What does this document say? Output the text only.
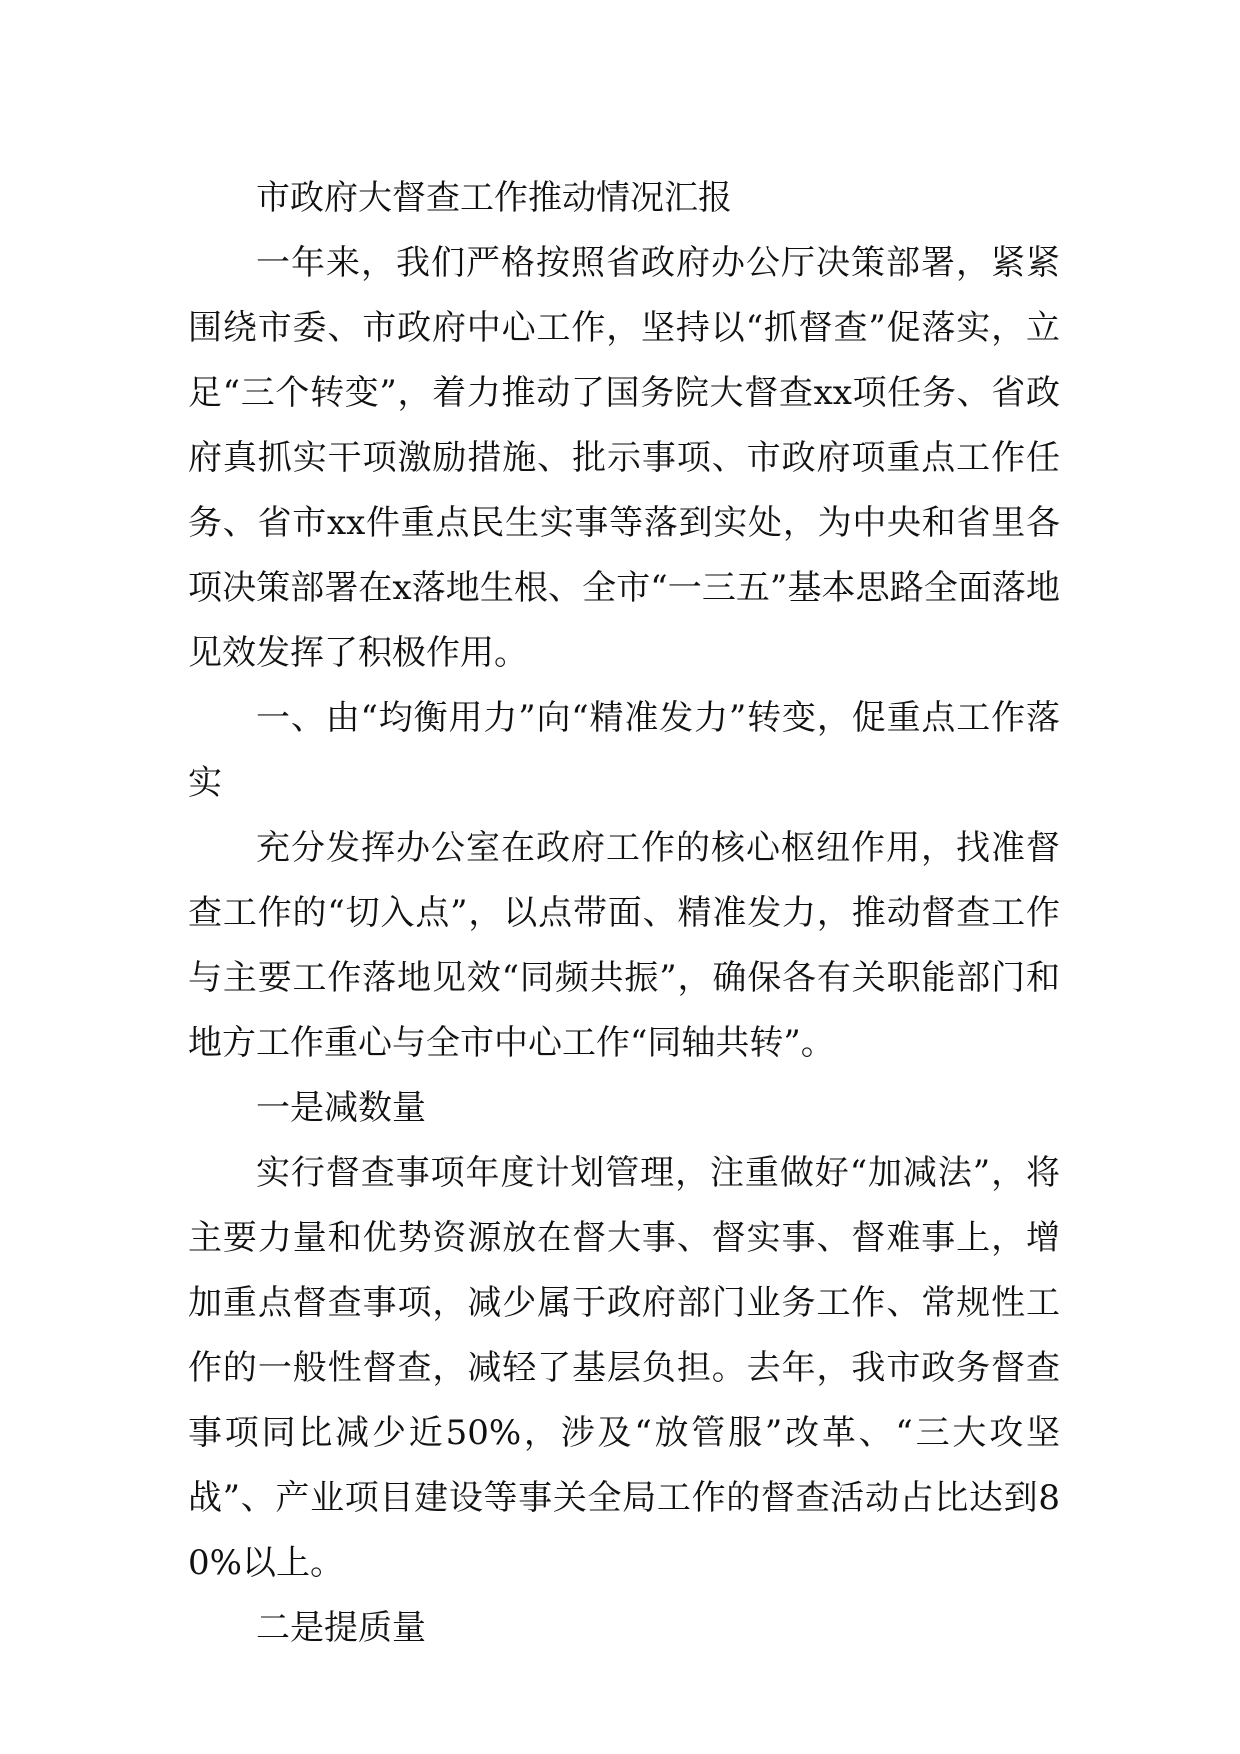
市政府大督查工作推动情况汇报

一年来，我们严格按照省政府办公厅决策部署，紧紧围绕市委、市政府中心工作，坚持以“抓督查”促落实，立足“三个转变”，着力推动了国务院大督查xx项任务、省政府真抓实干项激励措施、批示事项、市政府项重点工作任务、省市xx件重点民生实事等落到实处，为中央和省里各项决策部署在x落地生根、全市“一三五”基本思路全面落地见效发挥了积极作用。

一、由“均衡用力”向“精准发力”转变，促重点工作落实

充分发挥办公室在政府工作的核心枢纽作用，找准督查工作的“切入点”，以点带面、精准发力，推动督查工作与主要工作落地见效“同频共振”，确保各有关职能部门和地方工作重心与全市中心工作“同轴共转”。

一是减数量

实行督查事项年度计划管理，注重做好“加减法”，将主要力量和优势资源放在督大事、督实事、督难事上，增加重点督查事项，减少属于政府部门业务工作、常规性工作的一般性督查，减轻了基层负担。去年，我市政务督查事项同比减少近50%，涉及“放管服”改革、“三大攻坚战”、产业项目建设等事关全局工作的督查活动占比达到80%以上。

二是提质量
